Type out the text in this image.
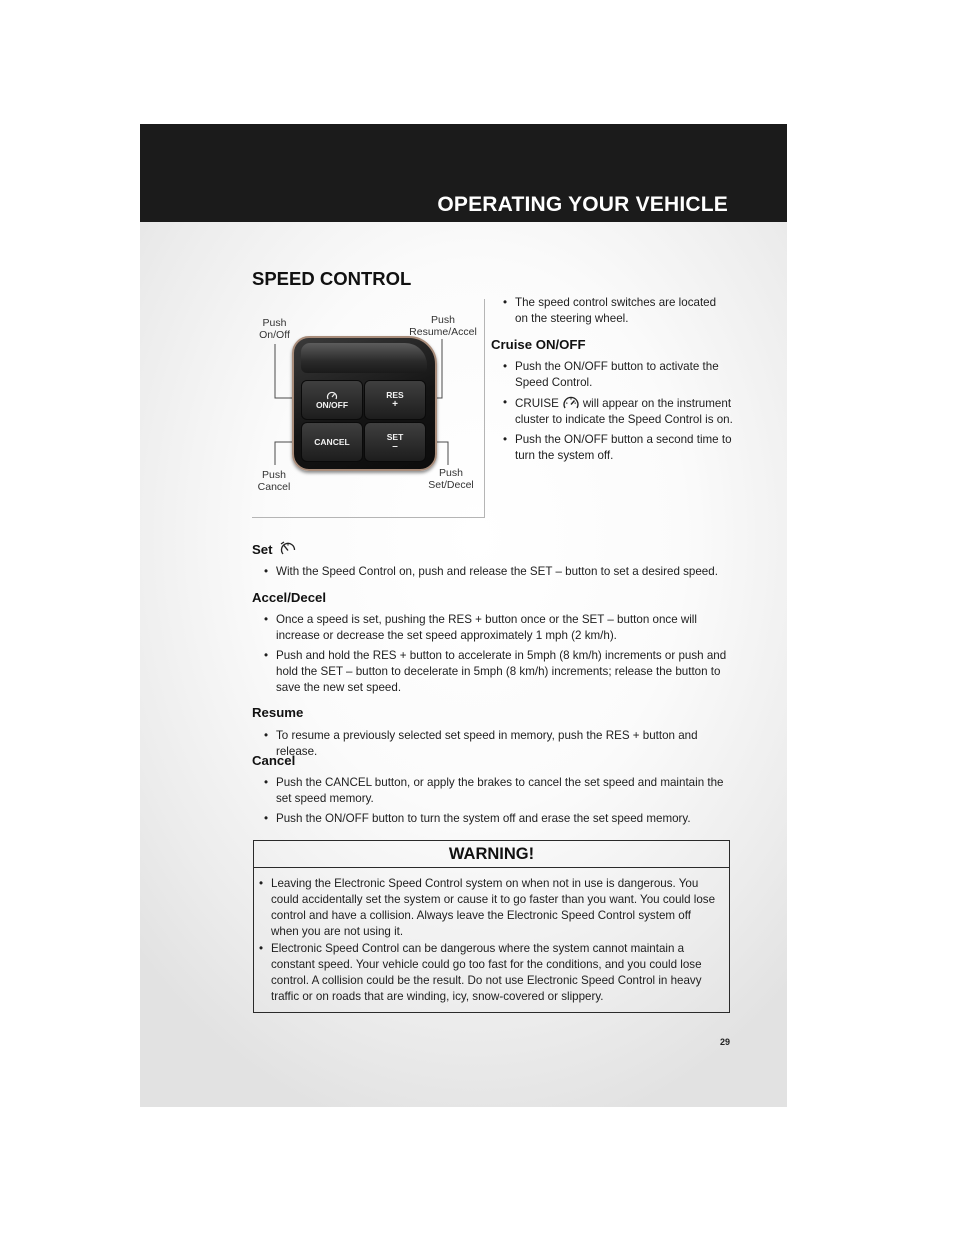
OPERATING YOUR VEHICLE
SPEED CONTROL
Push
On/Off
Push
Resume/Accel
Push
Cancel
Push
Set/Decel
ON/OFF
RES
+
CANCEL	SET
–
• The speed control switches are located on the steering wheel.
Cruise ON/OFF
• Push the ON/OFF button to activate the Speed Control.
• CRUISE will appear on the instrument cluster to indicate the Speed Control is on.
• Push the ON/OFF button a second time to turn the system off.
Set
• With the Speed Control on, push and release the SET – button to set a desired speed.
Accel/Decel
• Once a speed is set, pushing the RES + button once or the SET – button once will increase or decrease the set speed approximately 1 mph (2 km/h).
• Push and hold the RES + button to accelerate in 5mph (8 km/h) increments or push and hold the SET – button to decelerate in 5mph (8 km/h) increments; release the button to save the new set speed.
Resume
• To resume a previously selected set speed in memory, push the RES + button and release.
Cancel
• Push the CANCEL button, or apply the brakes to cancel the set speed and maintain the set speed memory.
• Push the ON/OFF button to turn the system off and erase the set speed memory.
WARNING!
• Leaving the Electronic Speed Control system on when not in use is dangerous. You could accidentally set the system or cause it to go faster than you want. You could lose control and have a collision. Always leave the Electronic Speed Control system off when you are not using it.
• Electronic Speed Control can be dangerous where the system cannot maintain a constant speed. Your vehicle could go too fast for the conditions, and you could lose control. A collision could be the result. Do not use Electronic Speed Control in heavy traffic or on roads that are winding, icy, snow-covered or slippery.
29
